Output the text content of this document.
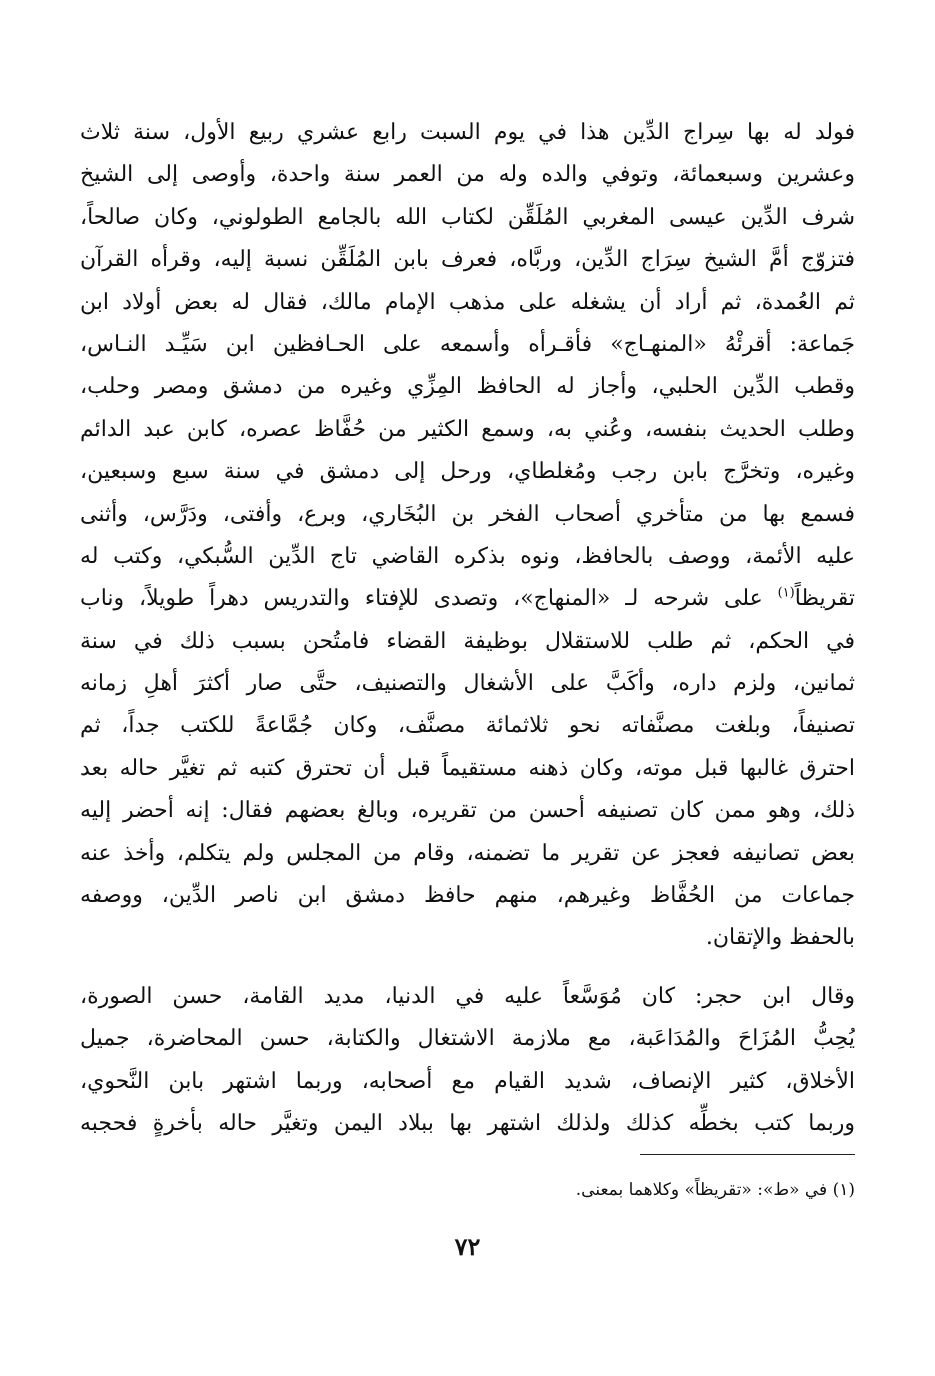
فولد له بها سِراج الدِّين هذا في يوم السبت رابع عشري ربيع الأول، سنة ثلاث
وعشرين وسبعمائة، وتوفي والده وله من العمر سنة واحدة، وأوصى إلى الشيخ
شرف الدِّين عيسى المغربي المُلَقِّن لكتاب الله بالجامع الطولوني، وكان صالحاً،
فتزوّج أمَّ الشيخ سِرَاج الدِّين، وربَّاه، فعرف بابن المُلَقِّن نسبة إليه، وقرأه القرآن
ثم العُمدة، ثم أراد أن يشغله على مذهب الإمام مالك، فقال له بعض أولاد ابن
جَماعة: أقرئْهُ «المنهـاج» فأقـرأه وأسمعه على الحـافظين ابن سَيِّـد النـاس،
وقطب الدِّين الحلبي، وأجاز له الحافظ المِزِّي وغيره من دمشق ومصر وحلب،
وطلب الحديث بنفسه، وعُني به، وسمع الكثير من حُفَّاظ عصره، كابن عبد الدائم
وغيره، وتخرَّج بابن رجب ومُغلطاي، ورحل إلى دمشق في سنة سبع وسبعين،
فسمع بها من متأخري أصحاب الفخر بن البُخَاري، وبرع، وأفتى، ودَرَّس، وأثنى
عليه الأئمة، ووصف بالحافظ، ونوه بذكره القاضي تاج الدِّين السُّبكي، وكتب له
تقريظاً$^{(١)}$ على شرحه لـ «المنهاج»، وتصدى للإفتاء والتدريس دهراً طويلاً، وناب
في الحكم، ثم طلب للاستقلال بوظيفة القضاء فامتُحن بسبب ذلك في سنة
ثمانين، ولزم داره، وأكَبَّ على الأشغال والتصنيف، حتَّى صار أكثرَ أهلِ زمانه
تصنيفاً، وبلغت مصنَّفاته نحو ثلاثمائة مصنَّف، وكان جُمَّاعةً للكتب جداً، ثم
احترق غالبها قبل موته، وكان ذهنه مستقيماً قبل أن تحترق كتبه ثم تغيَّر حاله بعد
ذلك، وهو ممن كان تصنيفه أحسن من تقريره، وبالغ بعضهم فقال: إنه أحضر إليه
بعض تصانيفه فعجز عن تقرير ما تضمنه، وقام من المجلس ولم يتكلم، وأخذ عنه
جماعات من الحُفَّاظ وغيرهم، منهم حافظ دمشق ابن ناصر الدِّين، ووصفه
بالحفظ والإتقان.
وقال ابن حجر: كان مُوَسَّعاً عليه في الدنيا، مديد القامة، حسن الصورة،
يُحِبُّ المُزَاحَ والمُدَاعَبة، مع ملازمة الاشتغال والكتابة، حسن المحاضرة، جميل
الأخلاق، كثير الإنصاف، شديد القيام مع أصحابه، وربما اشتهر بابن النَّحوي،
وربما كتب بخطِّه كذلك ولذلك اشتهر بها ببلاد اليمن وتغيَّر حاله بأخرةٍ فحجبه
(١) في «ط»: «تقريظاً» وكلاهما بمعنى.
٧٢
